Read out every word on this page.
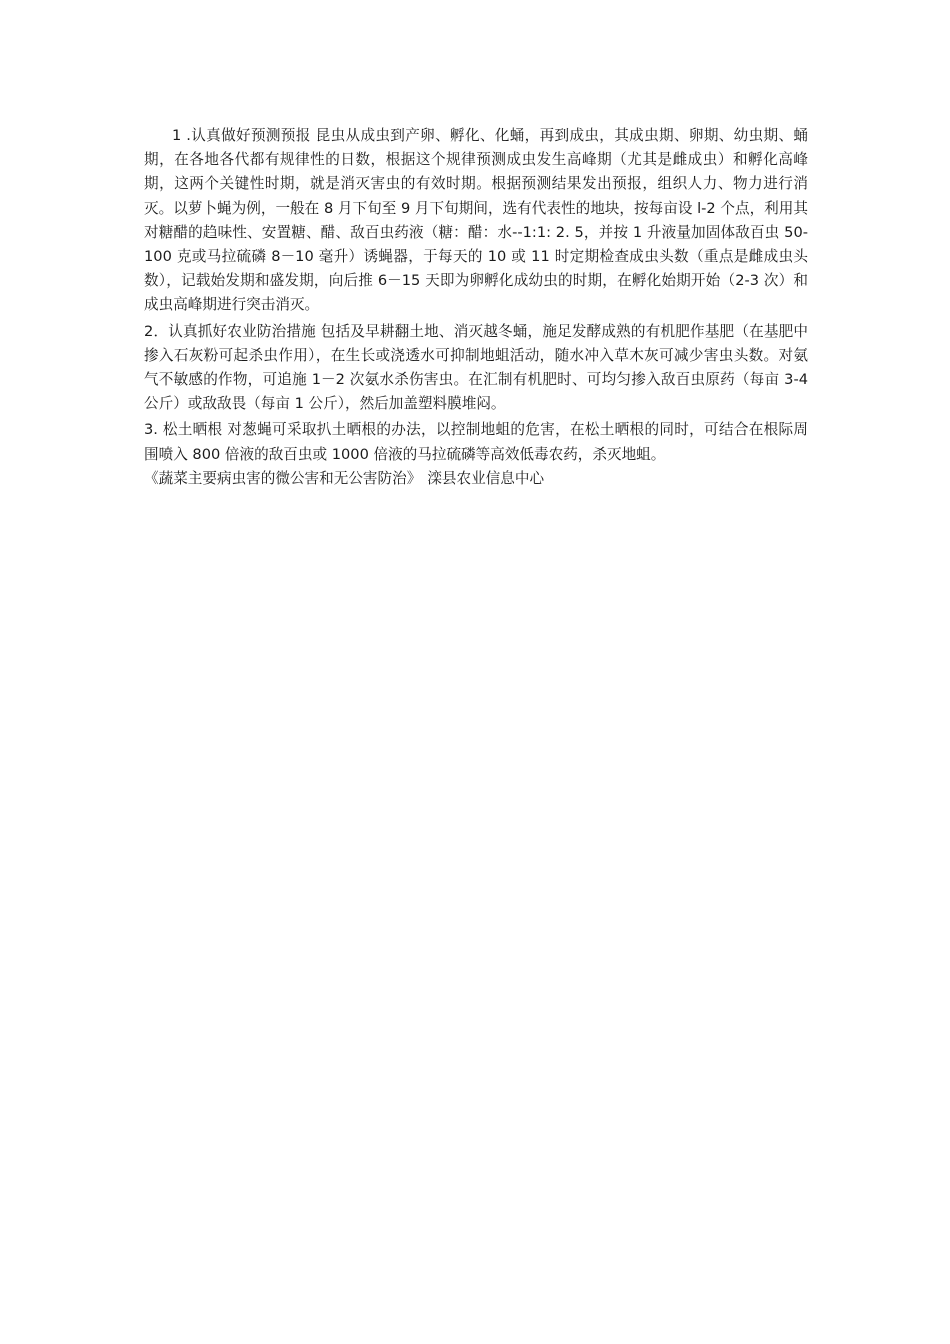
1 .认真做好预测预报 昆虫从成虫到产卵、孵化、化蛹，再到成虫，其成虫期、卵期、幼虫期、蛹期，在各地各代都有规律性的日数，根据这个规律预测成虫发生高峰期（尤其是雌成虫）和孵化高峰期，这两个关键性时期，就是消灭害虫的有效时期。根据预测结果发出预报，组织人力、物力进行消灭。以萝卜蝇为例，一般在 8 月下旬至 9 月下旬期间，选有代表性的地块，按每亩设 l-2 个点，利用其对糖醋的趋味性、安置糖、醋、敌百虫药液（糖：醋：水--1:1: 2. 5，并按 1 升液量加固体敌百虫 50-100 克或马拉硫磷 8－10 毫升）诱蝇器，于每天的 10 或 11 时定期检查成虫头数（重点是雌成虫头数），记载始发期和盛发期，向后推 6－15 天即为卵孵化成幼虫的时期，在孵化始期开始（2-3 次）和成虫高峰期进行突击消灭。

2．认真抓好农业防治措施 包括及早耕翻土地、消灭越冬蛹，施足发酵成熟的有机肥作基肥（在基肥中掺入石灰粉可起杀虫作用），在生长或浇透水可抑制地蛆活动，随水冲入草木灰可减少害虫头数。对氨气不敏感的作物，可追施 1－2 次氨水杀伤害虫。在汇制有机肥时、可均匀掺入敌百虫原药（每亩 3-4 公斤）或敌敌畏（每亩 1 公斤），然后加盖塑料膜堆闷。

3. 松土晒根 对葱蝇可采取扒土晒根的办法，以控制地蛆的危害，在松土晒根的同时，可结合在根际周围喷入 800 倍液的敌百虫或 1000 倍液的马拉硫磷等高效低毒农药，杀灭地蛆。

《蔬菜主要病虫害的微公害和无公害防治》 滦县农业信息中心
